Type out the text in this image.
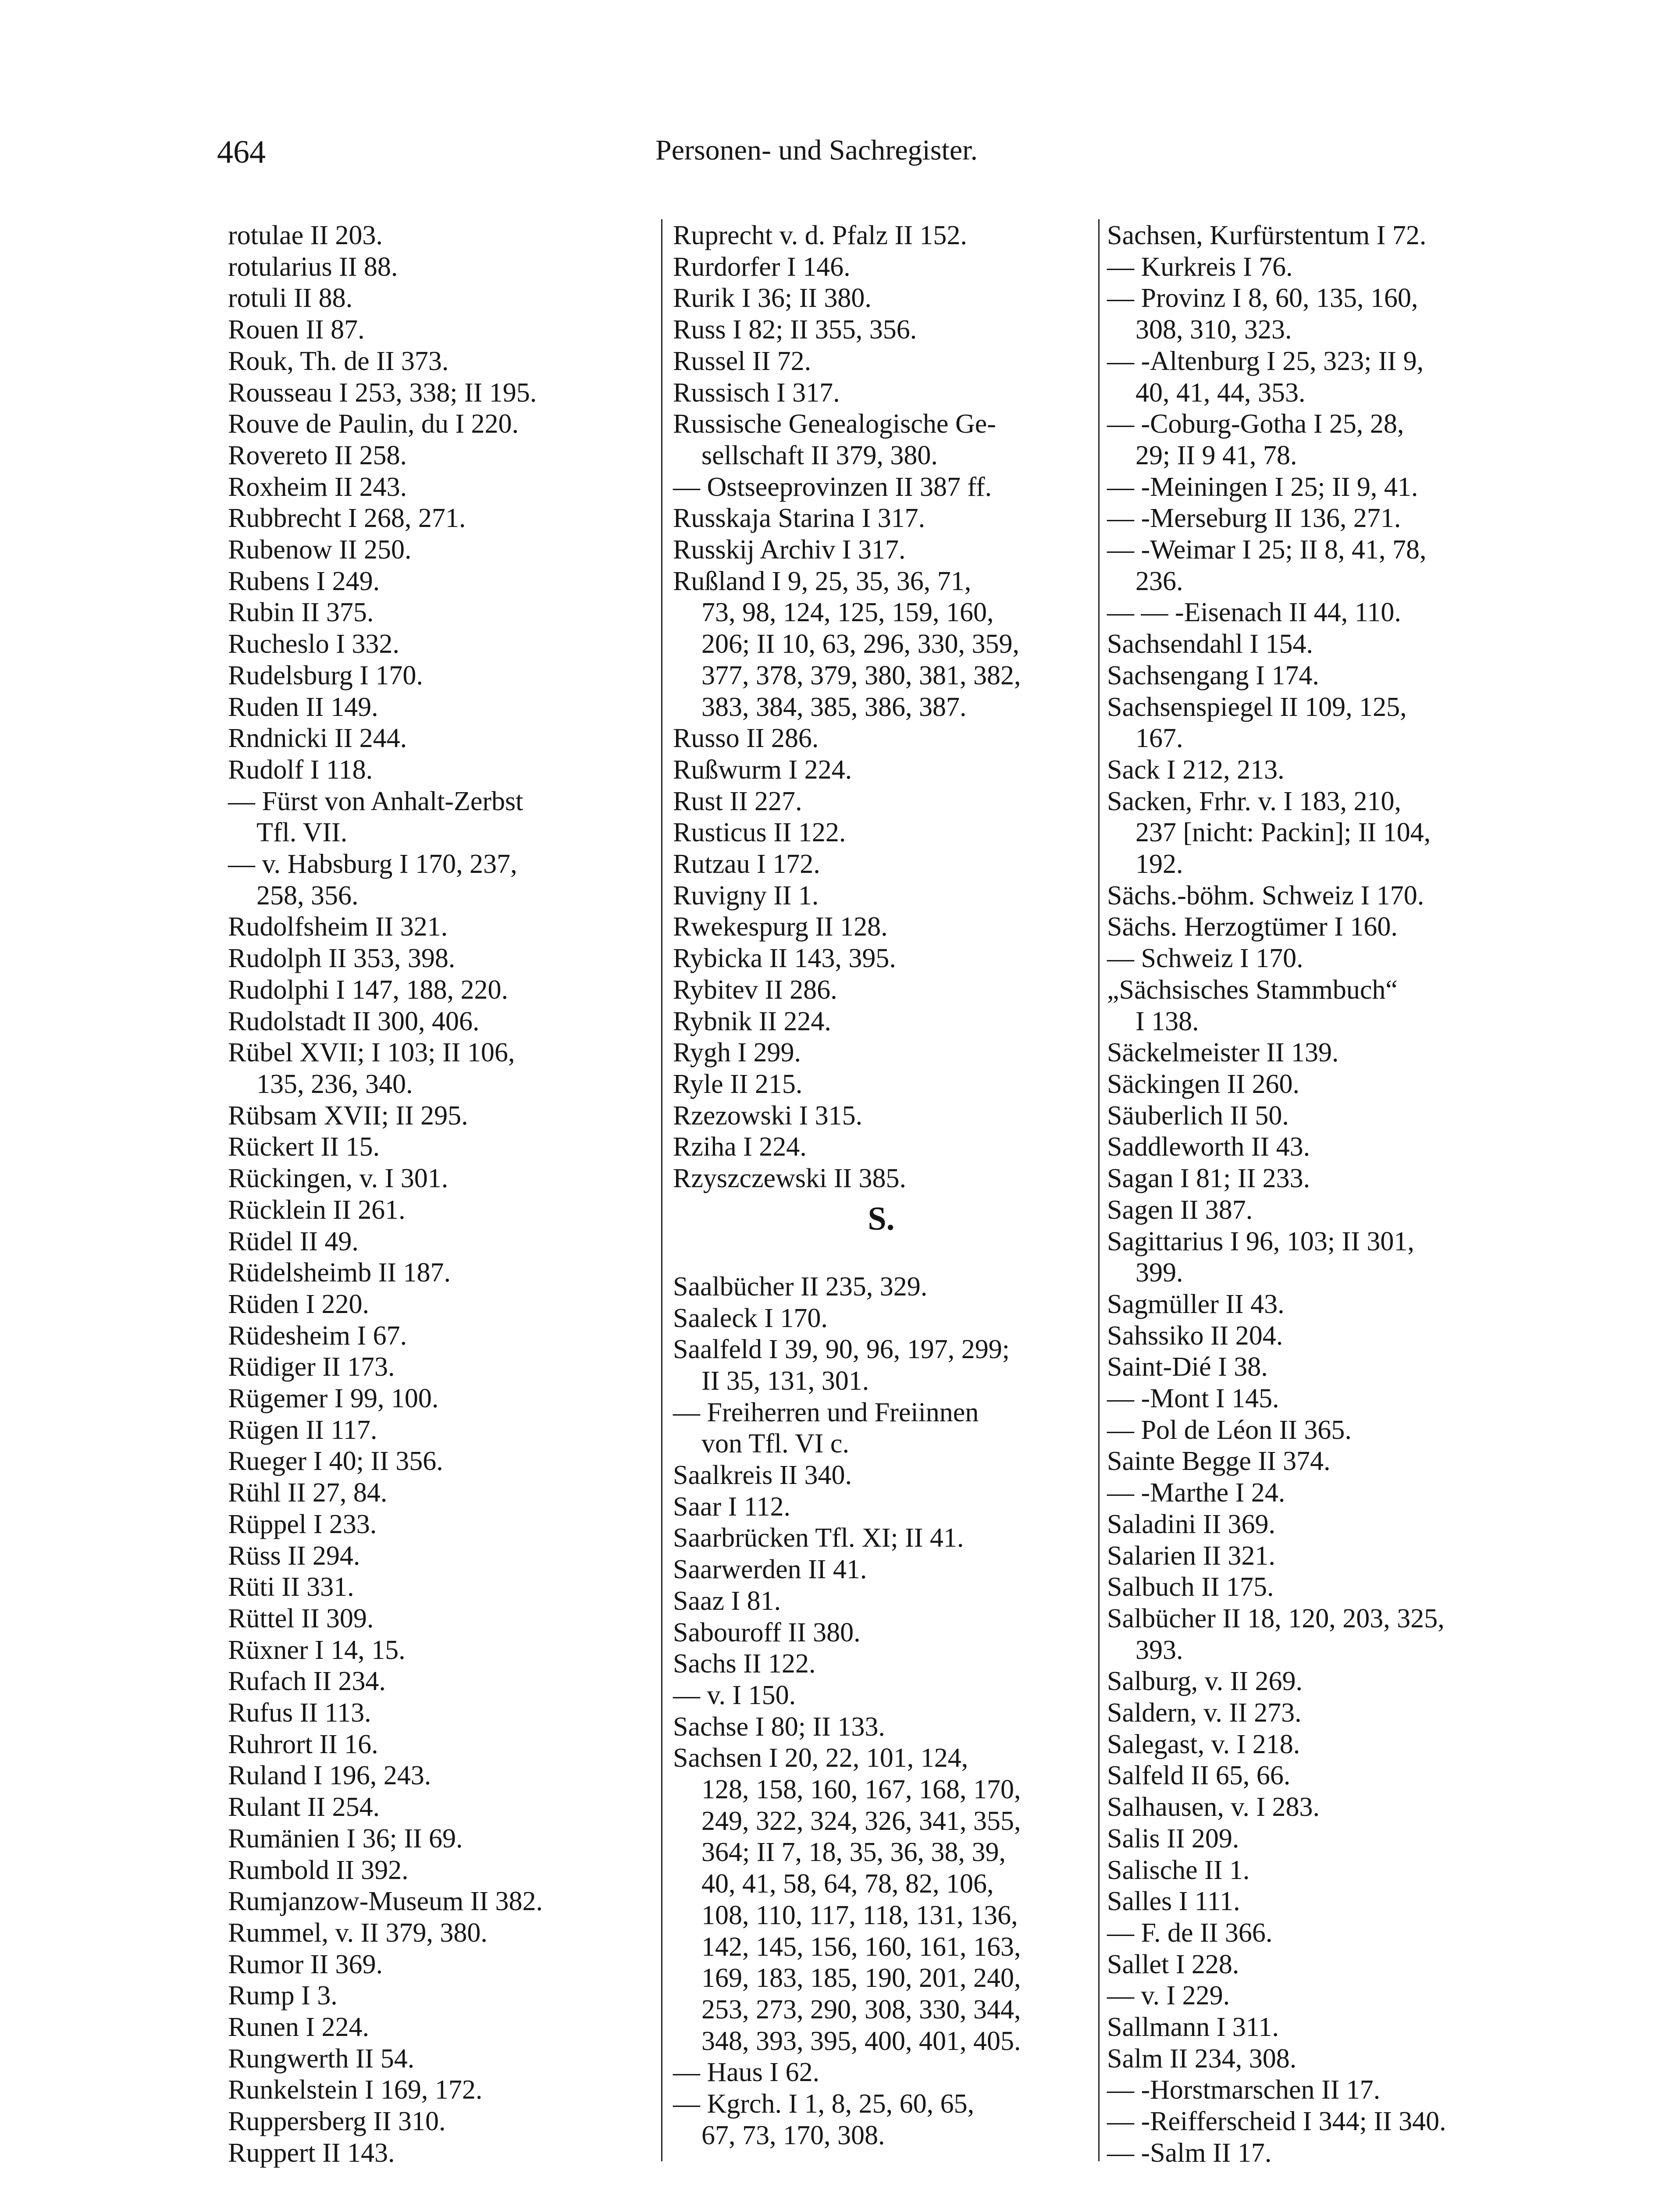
464	Personen- und Sachregister.
rotulae II 203.
rotularius II 88.
rotuli II 88.
Rouen II 87.
Rouk, Th. de II 373.
Rousseau I 253, 338; II 195.
Rouve de Paulin, du I 220.
Rovereto II 258.
Roxheim II 243.
Rubbrecht I 268, 271.
Rubenow II 250.
Rubens I 249.
Rubin II 375.
Rucheslo I 332.
Rudelsburg I 170.
Ruden II 149.
Rndnicki II 244.
Rudolf I 118.
— Fürst von Anhalt-Zerbst
Tfl. VII.
— v. Habsburg I 170, 237,
258, 356.
Rudolfsheim II 321.
Rudolph II 353, 398.
Rudolphi I 147, 188, 220.
Rudolstadt II 300, 406.
Rübel XVII; I 103; II 106,
135, 236, 340.
Rübsam XVII; II 295.
Rückert II 15.
Rückingen, v. I 301.
Rücklein II 261.
Rüdel II 49.
Rüdelsheimb II 187.
Rüden I 220.
Rüdesheim I 67.
Rüdiger II 173.
Rügemer I 99, 100.
Rügen II 117.
Rueger I 40; II 356.
Rühl II 27, 84.
Rüppel I 233.
Rüss II 294.
Rüti II 331.
Rüttel II 309.
Rüxner I 14, 15.
Rufach II 234.
Rufus II 113.
Ruhrort II 16.
Ruland I 196, 243.
Rulant II 254.
Rumänien I 36; II 69.
Rumbold II 392.
Rumjanzow-Museum II 382.
Rummel, v. II 379, 380.
Rumor II 369.
Rump I 3.
Runen I 224.
Rungwerth II 54.
Runkelstein I 169, 172.
Ruppersberg II 310.
Ruppert II 143.
Ruprecht v. d. Pfalz II 152.
Rurdorfer I 146.
Rurik I 36; II 380.
Russ I 82; II 355, 356.
Russel II 72.
Russisch I 317.
Russische Genealogische Ge-
sellschaft II 379, 380.
— Ostseeprovinzen II 387 ff.
Russkaja Starina I 317.
Russkij Archiv I 317.
Rußland I 9, 25, 35, 36, 71,
73, 98, 124, 125, 159, 160,
206; II 10, 63, 296, 330, 359,
377, 378, 379, 380, 381, 382,
383, 384, 385, 386, 387.
Russo II 286.
Rußwurm I 224.
Rust II 227.
Rusticus II 122.
Rutzau I 172.
Ruvigny II 1.
Rwekespurg II 128.
Rybicka II 143, 395.
Rybitev II 286.
Rybnik II 224.
Rygh I 299.
Ryle II 215.
Rzezowski I 315.
Rziha I 224.
Rzyszczewski II 385.
S.
Saalbücher II 235, 329.
Saaleck I 170.
Saalfeld I 39, 90, 96, 197, 299;
II 35, 131, 301.
— Freiherren und Freiinnen
von Tfl. VI c.
Saalkreis II 340.
Saar I 112.
Saarbrücken Tfl. XI; II 41.
Saarwerden II 41.
Saaz I 81.
Sabouroff II 380.
Sachs II 122.
— v. I 150.
Sachse I 80; II 133.
Sachsen I 20, 22, 101, 124,
128, 158, 160, 167, 168, 170,
249, 322, 324, 326, 341, 355,
364; II 7, 18, 35, 36, 38, 39,
40, 41, 58, 64, 78, 82, 106,
108, 110, 117, 118, 131, 136,
142, 145, 156, 160, 161, 163,
169, 183, 185, 190, 201, 240,
253, 273, 290, 308, 330, 344,
348, 393, 395, 400, 401, 405.
— Haus I 62.
— Kgrch. I 1, 8, 25, 60, 65,
67, 73, 170, 308.
Sachsen, Kurfürstentum I 72.
— Kurkreis I 76.
— Provinz I 8, 60, 135, 160,
308, 310, 323.
— -Altenburg I 25, 323; II 9,
40, 41, 44, 353.
— -Coburg-Gotha I 25, 28,
29; II 9 41, 78.
— -Meiningen I 25; II 9, 41.
— -Merseburg II 136, 271.
— -Weimar I 25; II 8, 41, 78,
236.
— — -Eisenach II 44, 110.
Sachsendahl I 154.
Sachsengang I 174.
Sachsenspiegel II 109, 125,
167.
Sack I 212, 213.
Sacken, Frhr. v. I 183, 210,
237 [nicht: Packin]; II 104,
192.
Sächs.-böhm. Schweiz I 170.
Sächs. Herzogtümer I 160.
— Schweiz I 170.
„Sächsisches Stammbuch“
I 138.
Säckelmeister II 139.
Säckingen II 260.
Säuberlich II 50.
Saddleworth II 43.
Sagan I 81; II 233.
Sagen II 387.
Sagittarius I 96, 103; II 301,
399.
Sagmüller II 43.
Sahssiko II 204.
Saint-Dié I 38.
— -Mont I 145.
— Pol de Léon II 365.
Sainte Begge II 374.
— -Marthe I 24.
Saladini II 369.
Salarien II 321.
Salbuch II 175.
Salbücher II 18, 120, 203, 325,
393.
Salburg, v. II 269.
Saldern, v. II 273.
Salegast, v. I 218.
Salfeld II 65, 66.
Salhausen, v. I 283.
Salis II 209.
Salische II 1.
Salles I 111.
— F. de II 366.
Sallet I 228.
— v. I 229.
Sallmann I 311.
Salm II 234, 308.
— -Horstmarschen II 17.
— -Reifferscheid I 344; II 340.
— -Salm II 17.
